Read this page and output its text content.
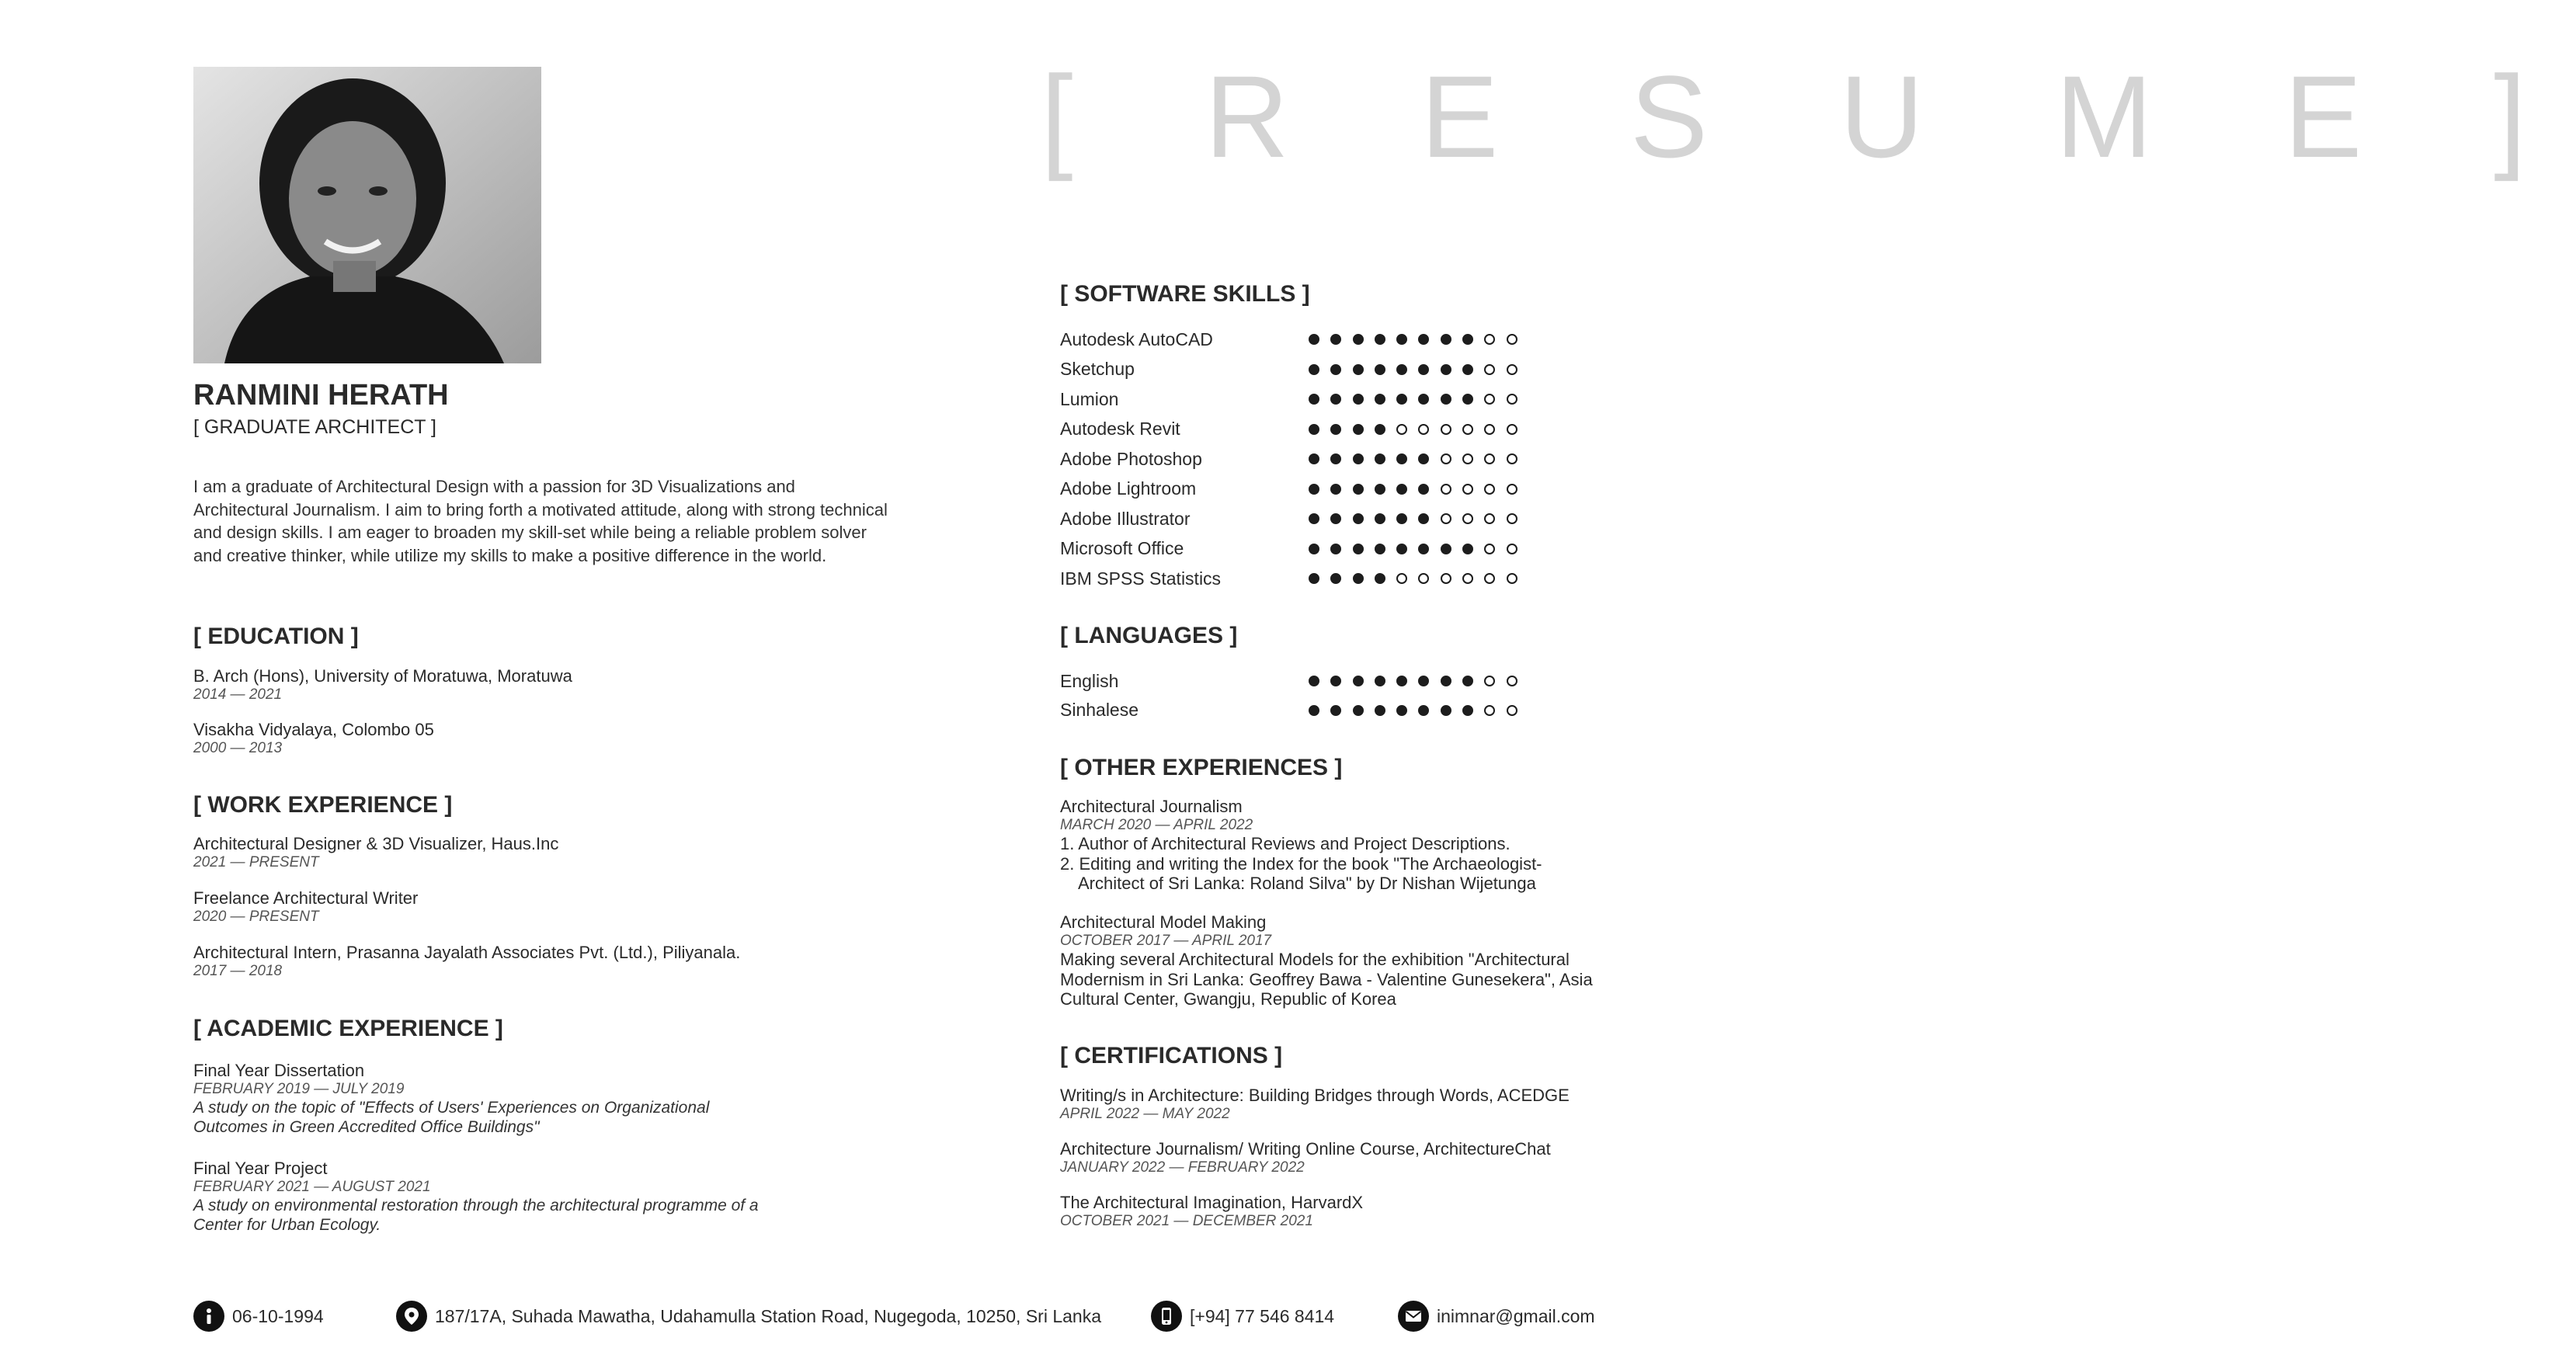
[ R E S U M E ]
RANMINI HERATH
[ GRADUATE ARCHITECT ]
I am a graduate of Architectural Design with a passion for 3D Visualizations and Architectural Journalism. I aim to bring forth a motivated attitude, along with strong technical and design skills. I am eager to broaden my skill-set while being a reliable problem solver and creative thinker, while utilize my skills to make a positive difference in the world.
[ EDUCATION ]
B. Arch (Hons), University of Moratuwa, Moratuwa
2014 — 2021
Visakha Vidyalaya, Colombo 05
2000 — 2013
[ WORK EXPERIENCE ]
Architectural Designer & 3D Visualizer, Haus.Inc
2021 — PRESENT
Freelance Architectural Writer
2020 — PRESENT
Architectural Intern, Prasanna Jayalath Associates Pvt. (Ltd.), Piliyanala.
2017 — 2018
[ ACADEMIC EXPERIENCE ]
Final Year Dissertation
FEBRUARY 2019 — JULY 2019
A study on the topic of "Effects of Users' Experiences on Organizational Outcomes in Green Accredited Office Buildings"
Final Year Project
FEBRUARY 2021 — AUGUST 2021
A study on environmental restoration through the architectural programme of a Center for Urban Ecology.
[ SOFTWARE SKILLS ]
Autodesk AutoCAD
Sketchup
Lumion
Autodesk Revit
Adobe Photoshop
Adobe Lightroom
Adobe Illustrator
Microsoft Office
IBM SPSS Statistics
[ LANGUAGES ]
English
Sinhalese
[ OTHER EXPERIENCES ]
Architectural Journalism
MARCH 2020 — APRIL 2022
1. Author of Architectural Reviews and Project Descriptions.
2. Editing and writing the Index for the book "The Archaeologist-
Architect of Sri Lanka: Roland Silva" by Dr Nishan Wijetunga
Architectural Model Making
OCTOBER 2017 — APRIL 2017
Making several Architectural Models for the exhibition "Architectural Modernism in Sri Lanka: Geoffrey Bawa - Valentine Gunesekera", Asia Cultural Center, Gwangju, Republic of Korea
[ CERTIFICATIONS ]
Writing/s in Architecture: Building Bridges through Words, ACEDGE
APRIL 2022 — MAY 2022
Architecture Journalism/ Writing Online Course, ArchitectureChat
JANUARY 2022 — FEBRUARY 2022
The Architectural Imagination, HarvardX
OCTOBER 2021 — DECEMBER 2021
06-10-1994	187/17A, Suhada Mawatha, Udahamulla Station Road, Nugegoda, 10250, Sri Lanka	[+94] 77 546 8414	inimnar@gmail.com
